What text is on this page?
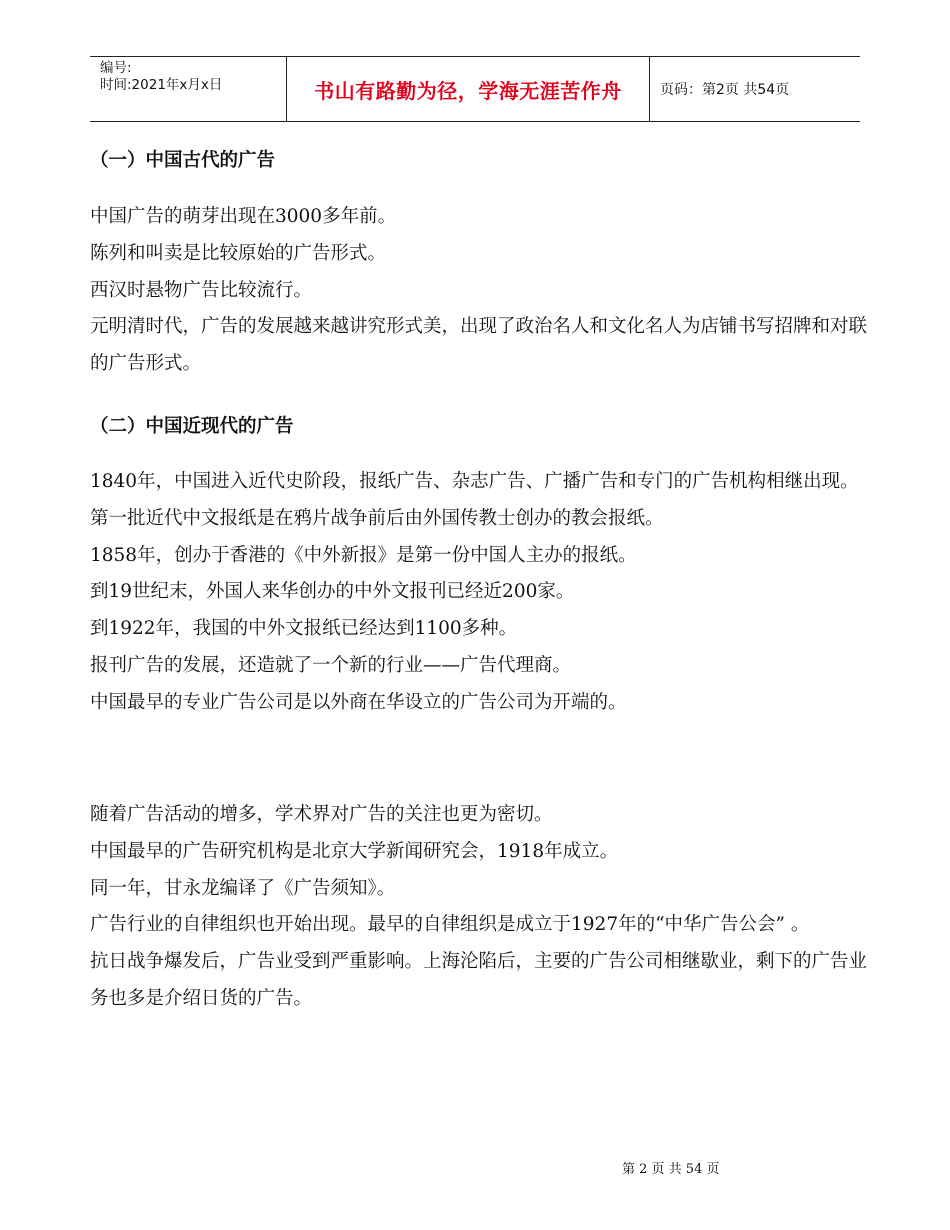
编号:
时间:2021年x月x日	书山有路勤为径，学海无涯苦作舟	页码：第2页 共54页
（一）中国古代的广告

中国广告的萌芽出现在3000多年前。

陈列和叫卖是比较原始的广告形式。

西汉时悬物广告比较流行。

元明清时代，广告的发展越来越讲究形式美，出现了政治名人和文化名人为店铺书写招牌和对联的广告形式。

（二）中国近现代的广告

1840年，中国进入近代史阶段，报纸广告、杂志广告、广播广告和专门的广告机构相继出现。

第一批近代中文报纸是在鸦片战争前后由外国传教士创办的教会报纸。

1858年，创办于香港的《中外新报》是第一份中国人主办的报纸。

到19世纪末，外国人来华创办的中外文报刊已经近200家。

到1922年，我国的中外文报纸已经达到1100多种。

报刊广告的发展，还造就了一个新的行业——广告代理商。

中国最早的专业广告公司是以外商在华设立的广告公司为开端的。

随着广告活动的增多，学术界对广告的关注也更为密切。

中国最早的广告研究机构是北京大学新闻研究会，1918年成立。

同一年，甘永龙编译了《广告须知》。

广告行业的自律组织也开始出现。最早的自律组织是成立于1927年的“中华广告公会” 。

抗日战争爆发后，广告业受到严重影响。上海沦陷后，主要的广告公司相继歇业，剩下的广告业务也多是介绍日货的广告。

第 2 页 共 54 页
